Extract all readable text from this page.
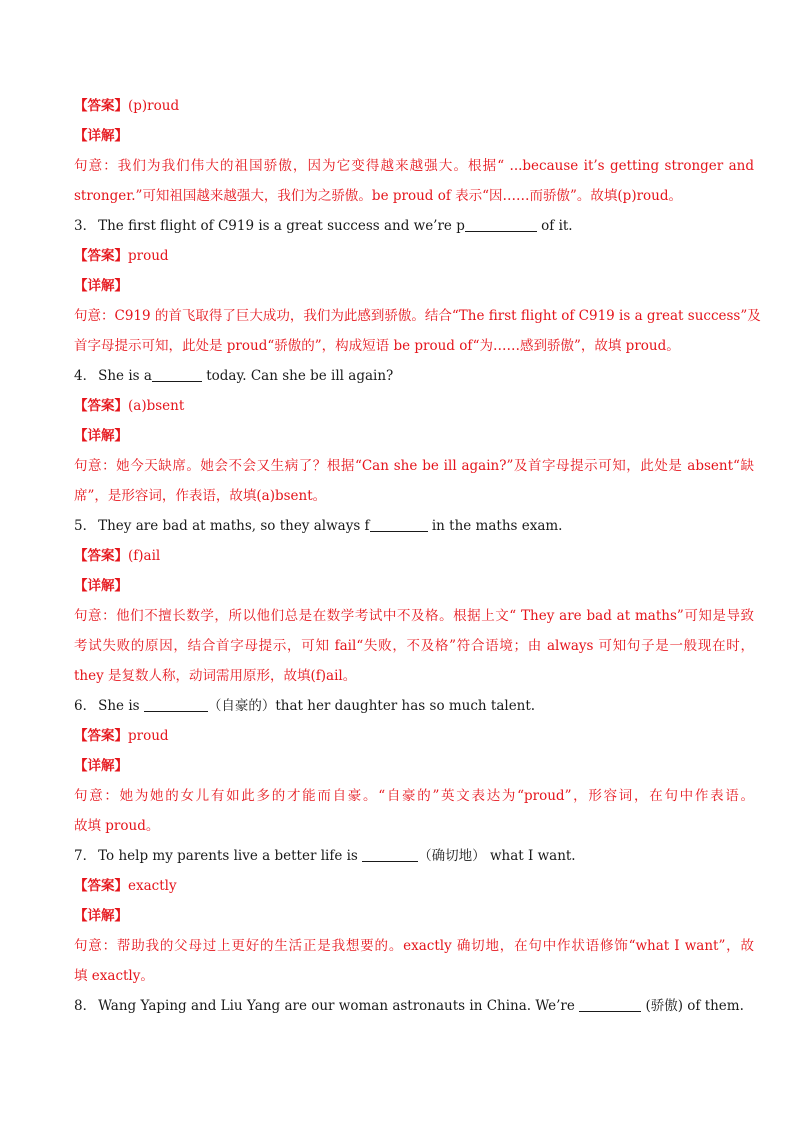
【答案】(p)roud
【详解】
句意：我们为我们伟大的祖国骄傲，因为它变得越来越强大。根据“ ...because it’s getting stronger and
stronger.”可知祖国越来越强大，我们为之骄傲。be proud of 表示“因……而骄傲”。故填(p)roud。
3． The first flight of C919 is a great success and we’re p	of it.
【答案】proud
【详解】
句意：C919 的首飞取得了巨大成功，我们为此感到骄傲。结合“The first flight of C919 is a great success”及
首字母提示可知，此处是 proud“骄傲的”，构成短语 be proud of“为……感到骄傲”，故填 proud。
4． She is a	today. Can she be ill again?
【答案】(a)bsent
【详解】
句意：她今天缺席。她会不会又生病了？根据“Can she be ill again?”及首字母提示可知，此处是 absent“缺
席”，是形容词，作表语，故填(a)bsent。
5． They are bad at maths, so they always f	in the maths exam.
【答案】(f)ail
【详解】
句意：他们不擅长数学，所以他们总是在数学考试中不及格。根据上文“ They are bad at maths”可知是导致
考试失败的原因，结合首字母提示，可知 fail“失败，不及格”符合语境；由 always 可知句子是一般现在时，
they 是复数人称，动词需用原形，故填(f)ail。
6． She is	（自豪的）that her daughter has so much talent.
【答案】proud
【详解】
句意：她为她的女儿有如此多的才能而自豪。“自豪的”英文表达为“proud”，形容词，在句中作表语。
故填 proud。
7． To help my parents live a better life is	（确切地） what I want.
【答案】exactly
【详解】
句意：帮助我的父母过上更好的生活正是我想要的。exactly 确切地，在句中作状语修饰“what I want”，故
填 exactly。
8． Wang Yaping and Liu Yang are our woman astronauts in China. We’re	(骄傲) of them.
